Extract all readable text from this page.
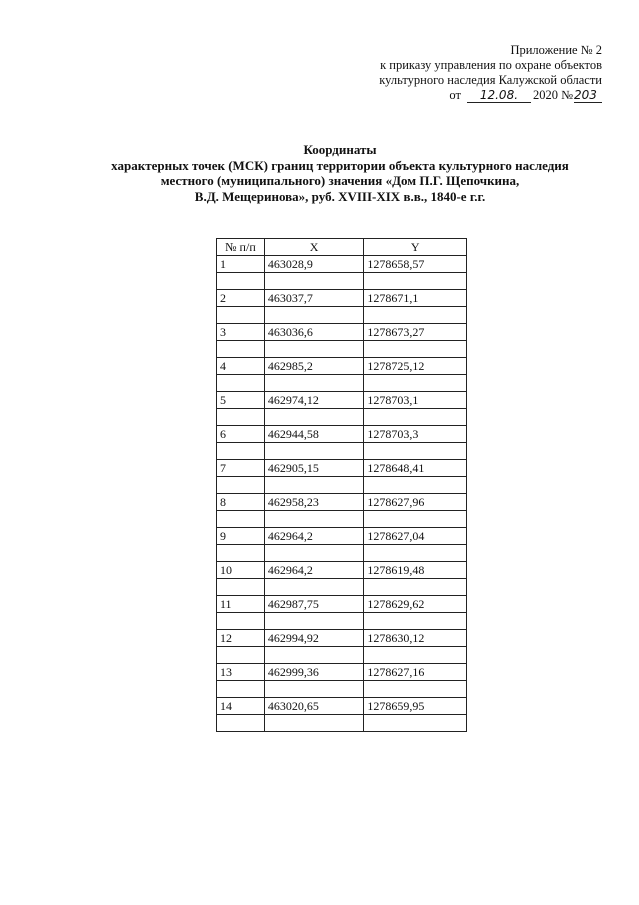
Приложение № 2
к приказу управления по охране объектов
культурного наследия Калужской области
от 12.08. 2020 №203
Координаты
характерных точек (МСК) границ территории объекта культурного наследия
местного (муниципального) значения «Дом П.Г. Щепочкина,
В.Д. Мещеринова», руб. XVIII-XIX в.в., 1840-е г.г.
№ п/п	X	Y
1	463028,9	1278658,57

2	463037,7	1278671,1

3	463036,6	1278673,27

4	462985,2	1278725,12

5	462974,12	1278703,1

6	462944,58	1278703,3

7	462905,15	1278648,41

8	462958,23	1278627,96

9	462964,2	1278627,04

10	462964,2	1278619,48

11	462987,75	1278629,62

12	462994,92	1278630,12

13	462999,36	1278627,16

14	463020,65	1278659,95
